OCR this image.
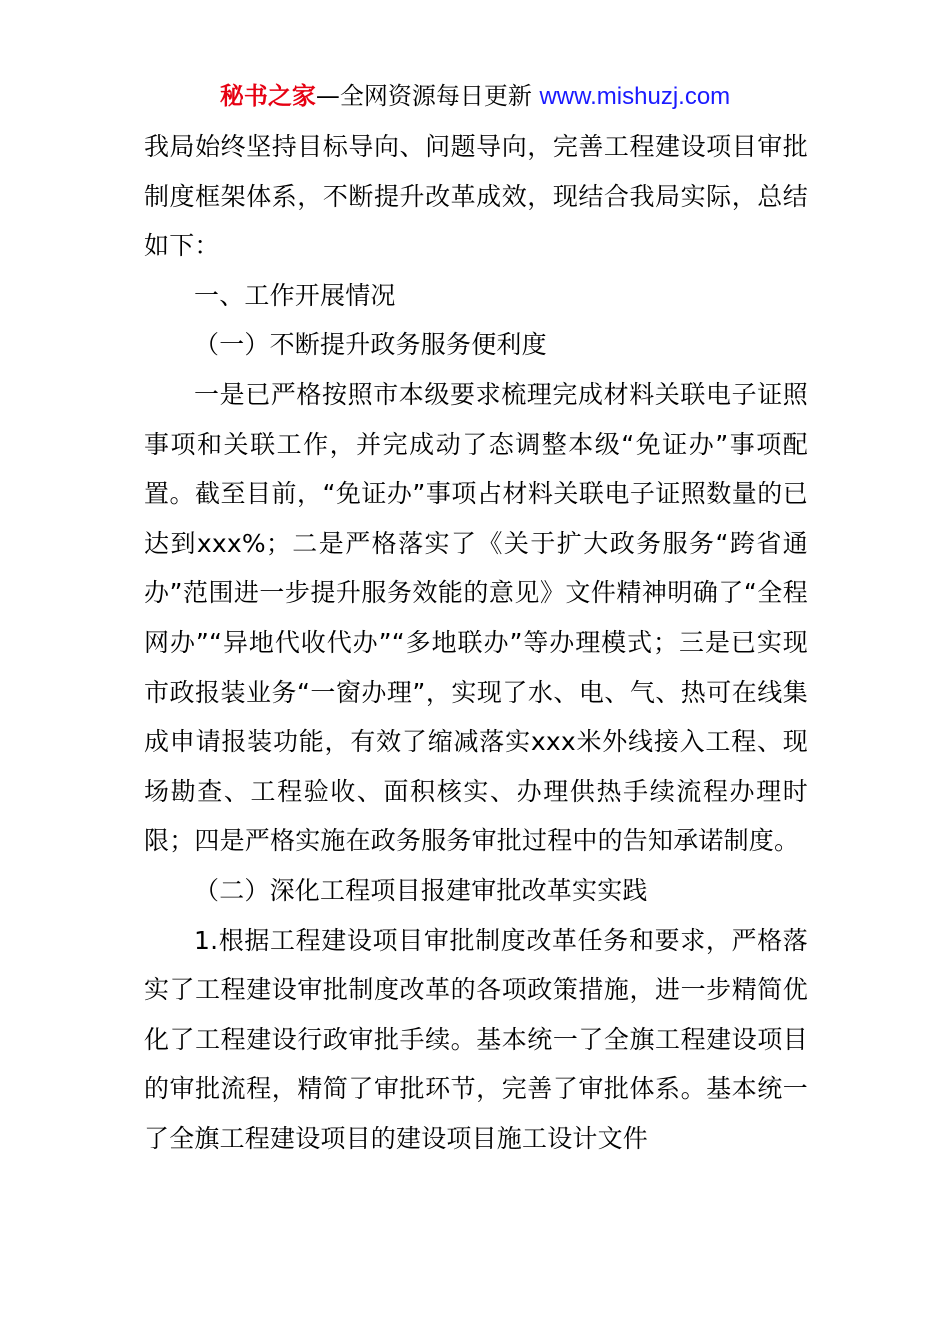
秘书之家—全网资源每日更新 www.mishuzj.com

我局始终坚持目标导向、问题导向，完善工程建设项目审批制度框架体系，不断提升改革成效，现结合我局实际，总结如下：

一、工作开展情况

（一）不断提升政务服务便利度

一是已严格按照市本级要求梳理完成材料关联电子证照事项和关联工作，并完成动了态调整本级“免证办”事项配置。截至目前，“免证办”事项占材料关联电子证照数量的已达到xxx%；二是严格落实了《关于扩大政务服务“跨省通办”范围进一步提升服务效能的意见》文件精神明确了“全程网办”“异地代收代办”“多地联办”等办理模式；三是已实现市政报装业务“一窗办理”，实现了水、电、气、热可在线集成申请报装功能，有效了缩减落实xxx米外线接入工程、现场勘查、工程验收、面积核实、办理供热手续流程办理时限；四是严格实施在政务服务审批过程中的告知承诺制度。

（二）深化工程项目报建审批改革实实践

1.根据工程建设项目审批制度改革任务和要求，严格落实了工程建设审批制度改革的各项政策措施，进一步精简优化了工程建设行政审批手续。基本统一了全旗工程建设项目的审批流程，精简了审批环节，完善了审批体系。基本统一了全旗工程建设项目的建设项目施工设计文件
